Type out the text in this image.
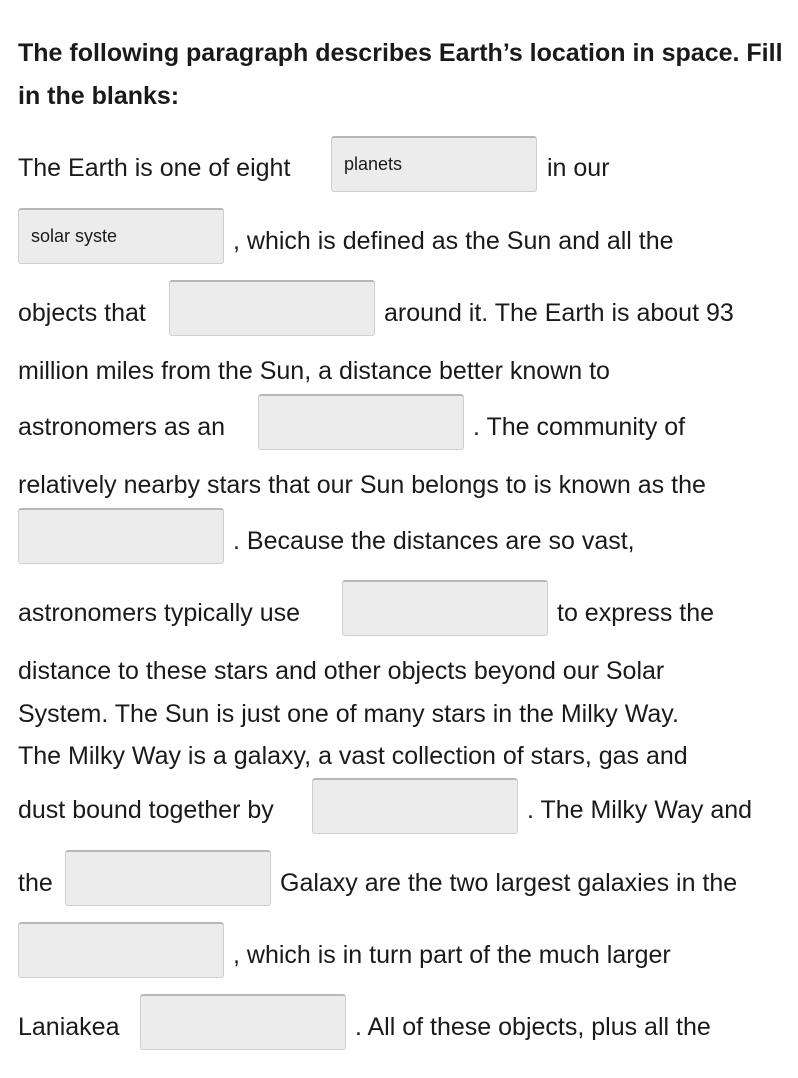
The following paragraph describes Earth’s location in space. Fill in the blanks:
The Earth is one of eight
planets	in our
solar syste
, which is defined as the Sun and all the
objects that	around it. The Earth is about 93
million miles from the Sun, a distance better known to
astronomers as an	. The community of
relatively nearby stars that our Sun belongs to is known as the
. Because the distances are so vast,
astronomers typically use	to express the
distance to these stars and other objects beyond our Solar
System. The Sun is just one of many stars in the Milky Way.
The Milky Way is a galaxy, a vast collection of stars, gas and
dust bound together by	. The Milky Way and
the	Galaxy are the two largest galaxies in the
, which is in turn part of the much larger
Laniakea	. All of these objects, plus all the
